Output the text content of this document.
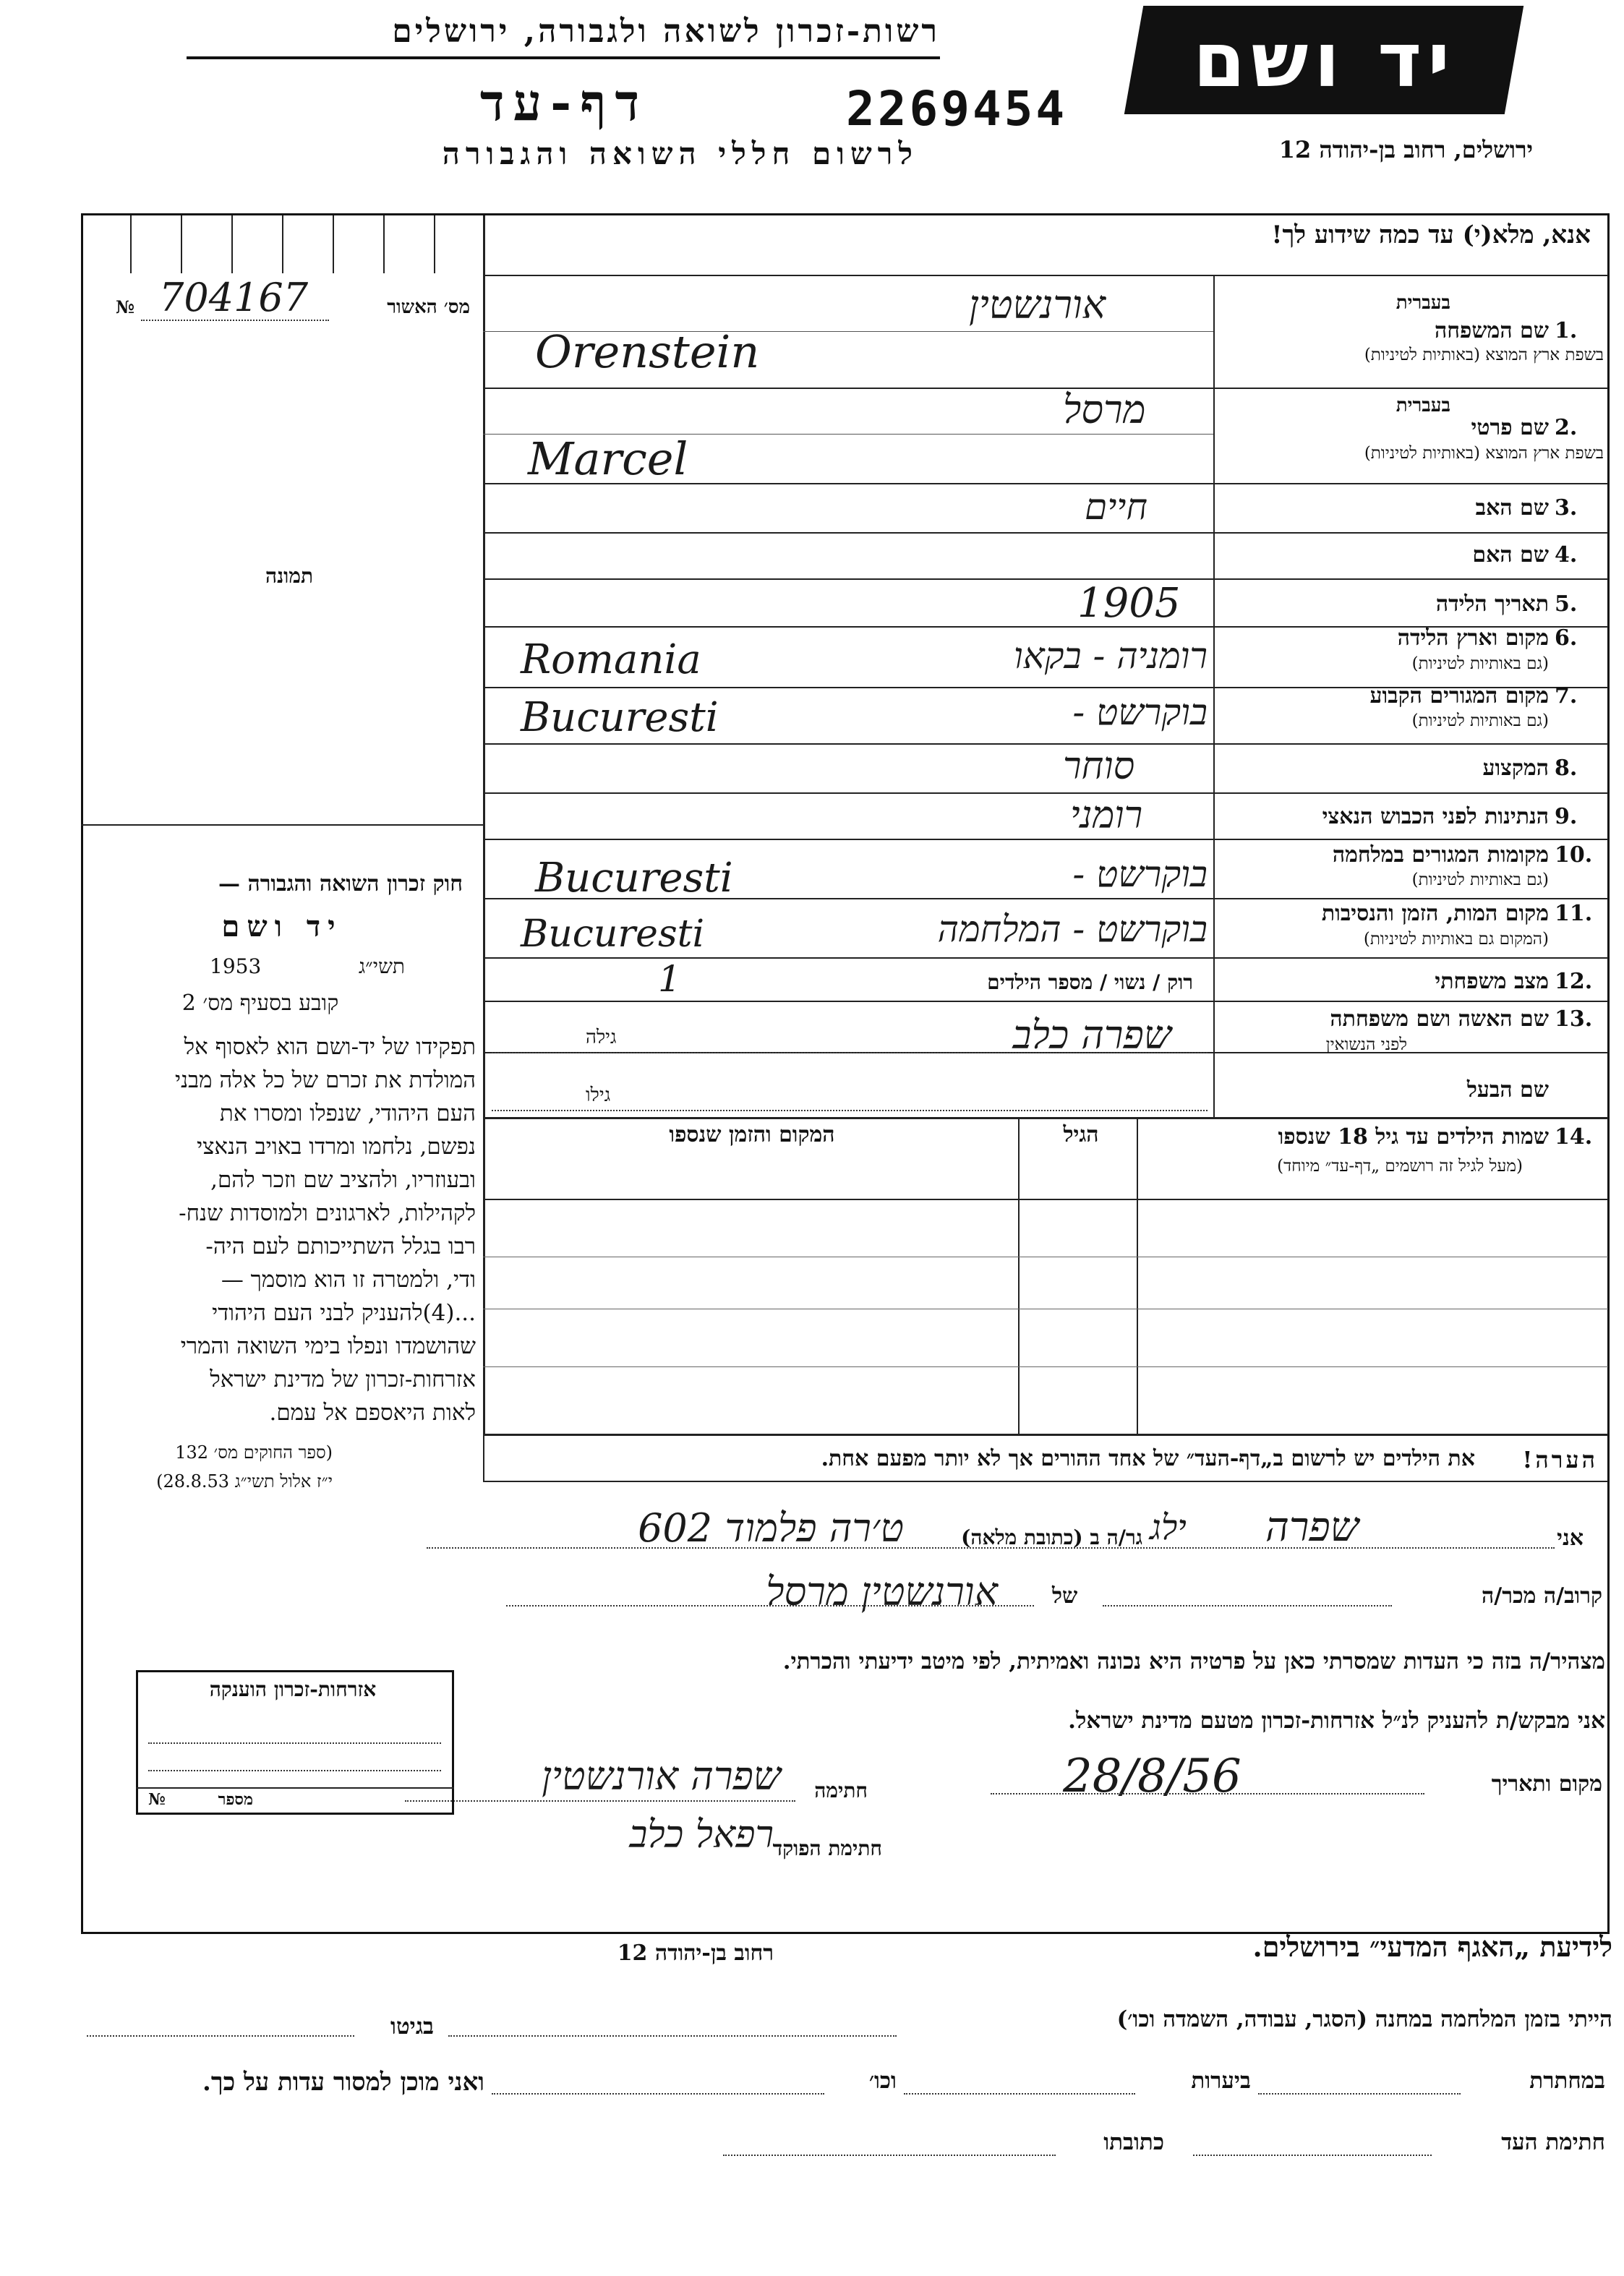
רשות-זכרון לשואה ולגבורה, ירושלים
דף-עד	2269454
לרשום חללי השואה והגבורה
יד ושם
ירושלים, רחוב בן-יהודה 12
אנא, מלא(י) עד כמה שידוע לך!
מס׳ האשור
№ 704167
תמונה
חוק זכרון השואה והגבורה —
יד ושם
תשי״ג
1953
קובע בסעיף מס׳ 2
תפקידו של יד-ושם הוא לאסוף אל
המולדת את זכרם של כל אלה מבני
העם היהודי, שנפלו ומסרו את
נפשם, נלחמו ומרדו באויב הנאצי
ובעוזריו, ולהציב שם וזכר להם,
לקהילות, לארגונים ולמוסדות שנח-
רבו בגלל השתייכותם לעם היה-
ודי, ולמטרה זו הוא מוסמך —
...(4)להעניק לבני העם היהודי
שהושמדו ונפלו בימי השואה והמרי
אזרחות-זכרון של מדינת ישראל
לאות היאספם אל עמם.
(ספר החוקים מס׳ 132
י״ז אלול תשי״ג 28.8.53)
1.
שם המשפחה
בשפת ארץ המוצא (באותיות לטיניות)
בעברית
אורנשטין
Orenstein
2.
שם פרטי
בשפת ארץ המוצא (באותיות לטיניות)
בעברית
מרסל
Marcel
3.
שם האב
חיים
4.
שם האם
5.
תאריך הלידה
1905
6.
מקום וארץ הלידה
(גם באותיות לטיניות)
רומניה - בקאו
Romania
7.
מקום המגורים הקבוע
(גם באותיות לטיניות)
בוקרשט -
Bucuresti
8.
המקצוע
סוחר
9.
הנתינות לפני הכבוש הנאצי
רומני
10.
מקומות המגורים במלחמה
(גם באותיות לטיניות)
בוקרשט -
Bucuresti
11.
מקום המות, הזמן והנסיבות
(המקום גם באותיות לטיניות)
בוקרשט - המלחמה
Bucuresti
12.
מצב משפחתי
רוק / נשוי / מספר הילדים
1
13.
שם האשה ושם משפחתה
לפני הנשואין
גילה	שפרה כלב
שם הבעל
גילו
14.
שמות הילדים עד גיל 18 שנספו
(מעל לגיל זה רושמים „דף-עד״ מיוחד)
הגיל
המקום והזמן שנספו
הערה!
את הילדים יש לרשום ב„דף-העד״ של אחד ההורים אך לא יותר מפעם אחת.
אני
שפרה
ילג
גר/ה ב (כתובת מלאה)
ט׳רה פלמוד 602
קרוב/ה מכר/ה
של
אורנשטין מרסל
מצהיר/ה בזה כי העדות שמסרתי כאן על פרטיה היא נכונה ואמיתית, לפי מיטב ידיעתי והכרתי.
אני מבקש/ת להעניק לנ״ל אזרחות-זכרון מטעם מדינת ישראל.
מקום ותאריך
28/8/56
חתימה
שפרה אורנשטין
חתימת הפוקד
רפאל כלב
אזרחות-זכרון הוענקה
מספר
№
לידיעת „האגף המדעי״ בירושלים.
רחוב בן-יהודה 12
הייתי בזמן המלחמה במחנה (הסגר, עבודה, השמדה וכו׳)
בגיטו
במחתרת
ביערות
וכו׳
ואני מוכן למסור עדות על כך.
חתימת העד
כתובתו
